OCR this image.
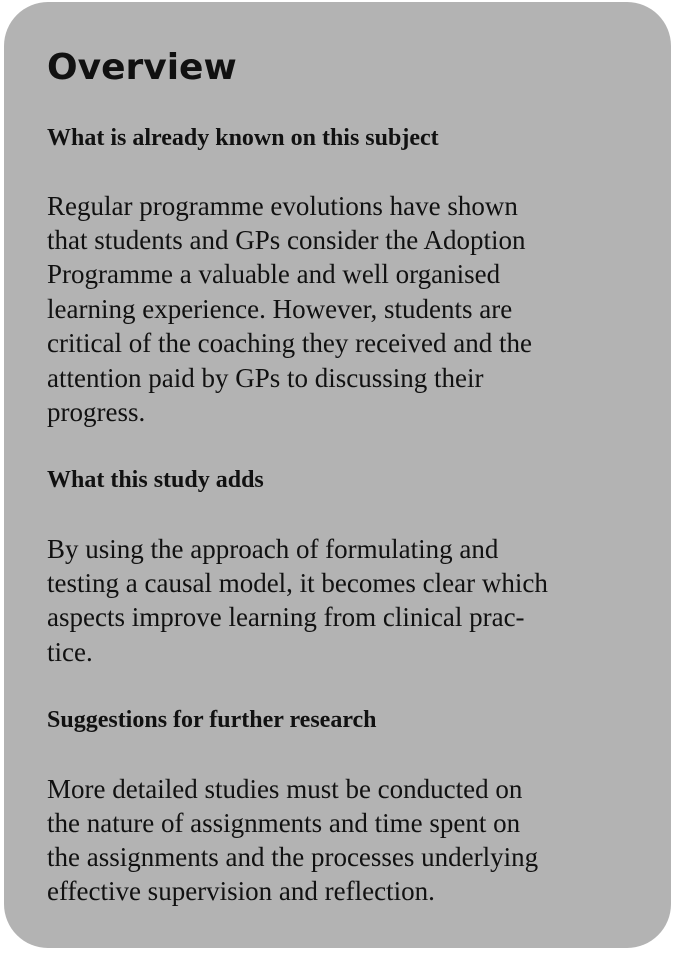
Overview
What is already known on this subject

Regular programme evolutions have shown

that students and GPs consider the Adoption

Programme a valuable and well organised

learning experience. However, students are

critical of the coaching they received and the

attention paid by GPs to discussing their

progress.

What this study adds

By using the approach of formulating and

testing a causal model, it becomes clear which

aspects improve learning from clinical prac-

tice.

Suggestions for further research

More detailed studies must be conducted on

the nature of assignments and time spent on

the assignments and the processes underlying

effective supervision and reflection.
